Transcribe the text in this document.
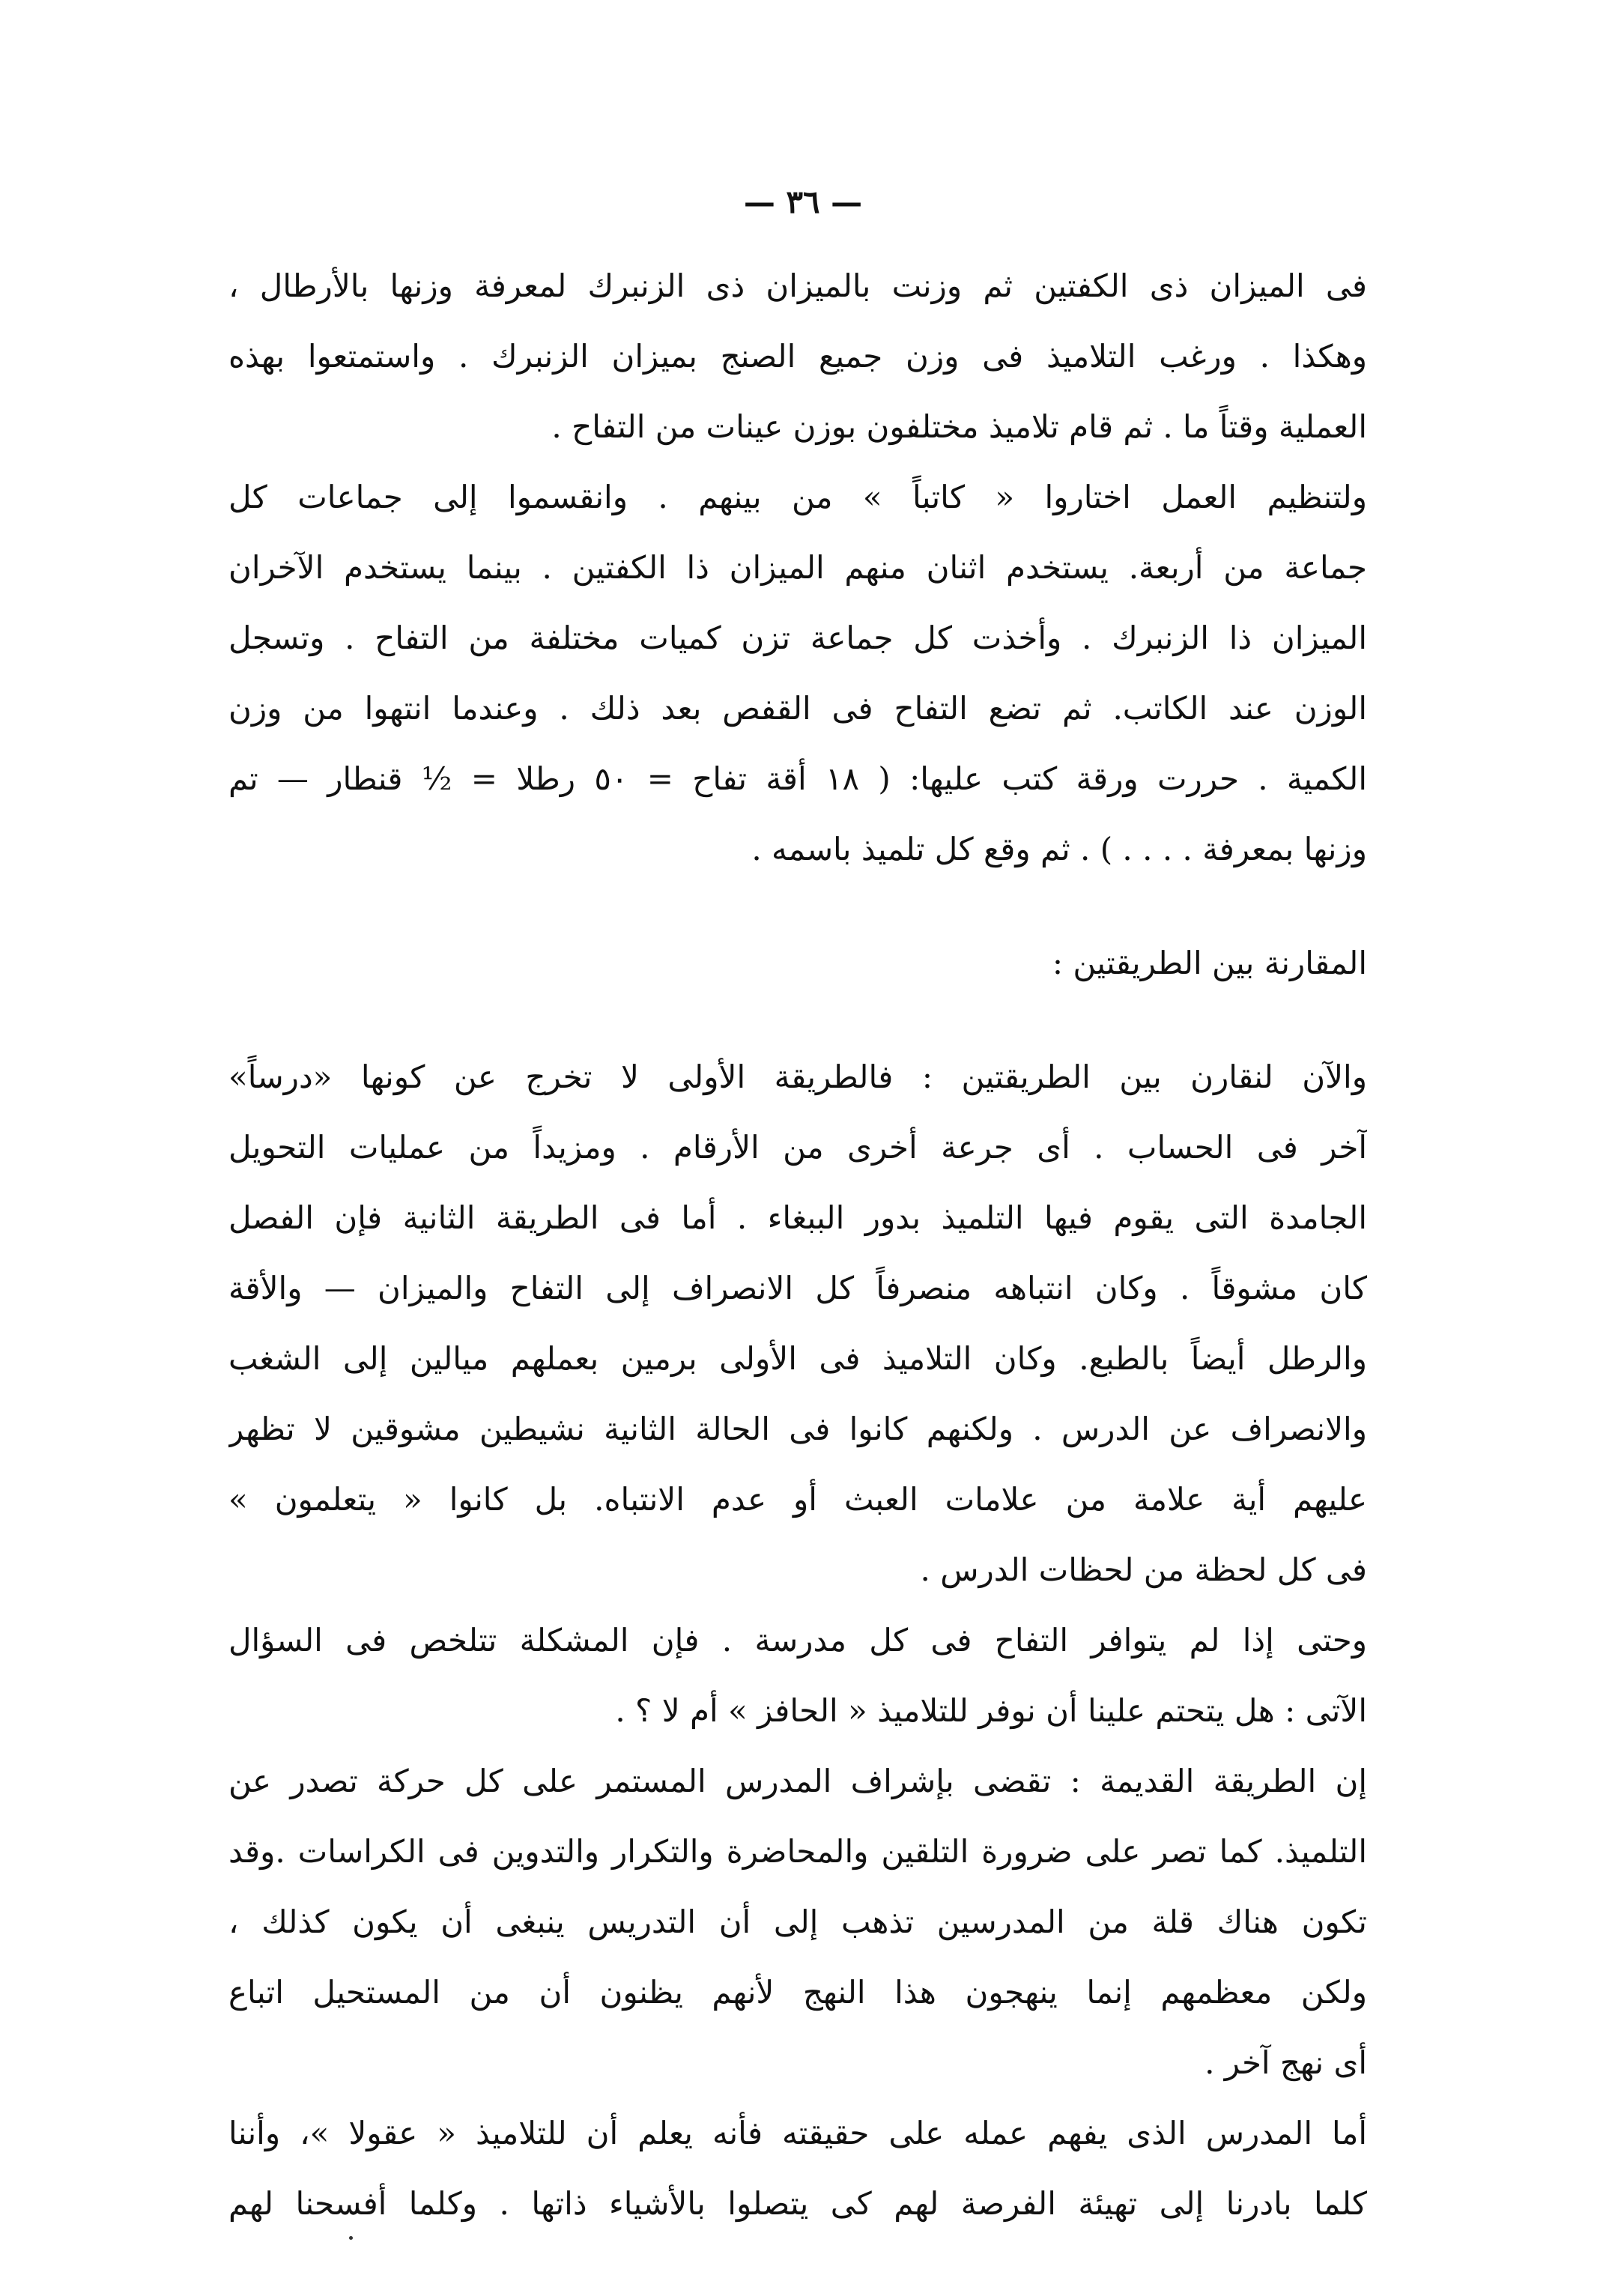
— ٣٦ —
فى الميزان ذى الكفتين ثم وزنت بالميزان ذى الزنبرك لمعرفة وزنها بالأرطال ،
وهكذا . ورغب التلاميذ فى وزن جميع الصنج بميزان الزنبرك . واستمتعوا بهذه
العملية وقتاً ما . ثم قام تلاميذ مختلفون بوزن عينات من التفاح .
ولتنظيم العمل اختاروا « كاتباً » من بينهم . وانقسموا إلى جماعات كل
جماعة من أربعة. يستخدم اثنان منهم الميزان ذا الكفتين . بينما يستخدم الآخران
الميزان ذا الزنبرك . وأخذت كل جماعة تزن كميات مختلفة من التفاح . وتسجل
الوزن عند الكاتب. ثم تضع التفاح فى القفص بعد ذلك . وعندما انتهوا من وزن
الكمية . حررت ورقة كتب عليها: ( ١٨ أقة تفاح = ٥٠ رطلا = ½ قنطار — تم
وزنها بمعرفة . . . . ) . ثم وقع كل تلميذ باسمه .
المقارنة بين الطريقتين :
والآن لنقارن بين الطريقتين : فالطريقة الأولى لا تخرج عن كونها «درساً»
آخر فى الحساب . أى جرعة أخرى من الأرقام . ومزيداً من عمليات التحويل
الجامدة التى يقوم فيها التلميذ بدور الببغاء . أما فى الطريقة الثانية فإن الفصل
كان مشوقاً . وكان انتباهه منصرفاً كل الانصراف إلى التفاح والميزان — والأقة
والرطل أيضاً بالطبع. وكان التلاميذ فى الأولى برمين بعملهم ميالين إلى الشغب
والانصراف عن الدرس . ولكنهم كانوا فى الحالة الثانية نشيطين مشوقين لا تظهر
عليهم أية علامة من علامات العبث أو عدم الانتباه. بل كانوا « يتعلمون »
فى كل لحظة من لحظات الدرس .
وحتى إذا لم يتوافر التفاح فى كل مدرسة . فإن المشكلة تتلخص فى السؤال
الآتى : هل يتحتم علينا أن نوفر للتلاميذ « الحافز » أم لا ؟ .
إن الطريقة القديمة : تقضى بإشراف المدرس المستمر على كل حركة تصدر عن
التلميذ. كما تصر على ضرورة التلقين والمحاضرة والتكرار والتدوين فى الكراسات .وقد
تكون هناك قلة من المدرسين تذهب إلى أن التدريس ينبغى أن يكون كذلك ،
ولكن معظمهم إنما ينهجون هذا النهج لأنهم يظنون أن من المستحيل اتباع
أى نهج آخر .
أما المدرس الذى يفهم عمله على حقيقته فأنه يعلم أن للتلاميذ « عقولا »، وأننا
كلما بادرنا إلى تهيئة الفرصة لهم كى يتصلوا بالأشياء ذاتها . وكلما أفسحنا لهم
